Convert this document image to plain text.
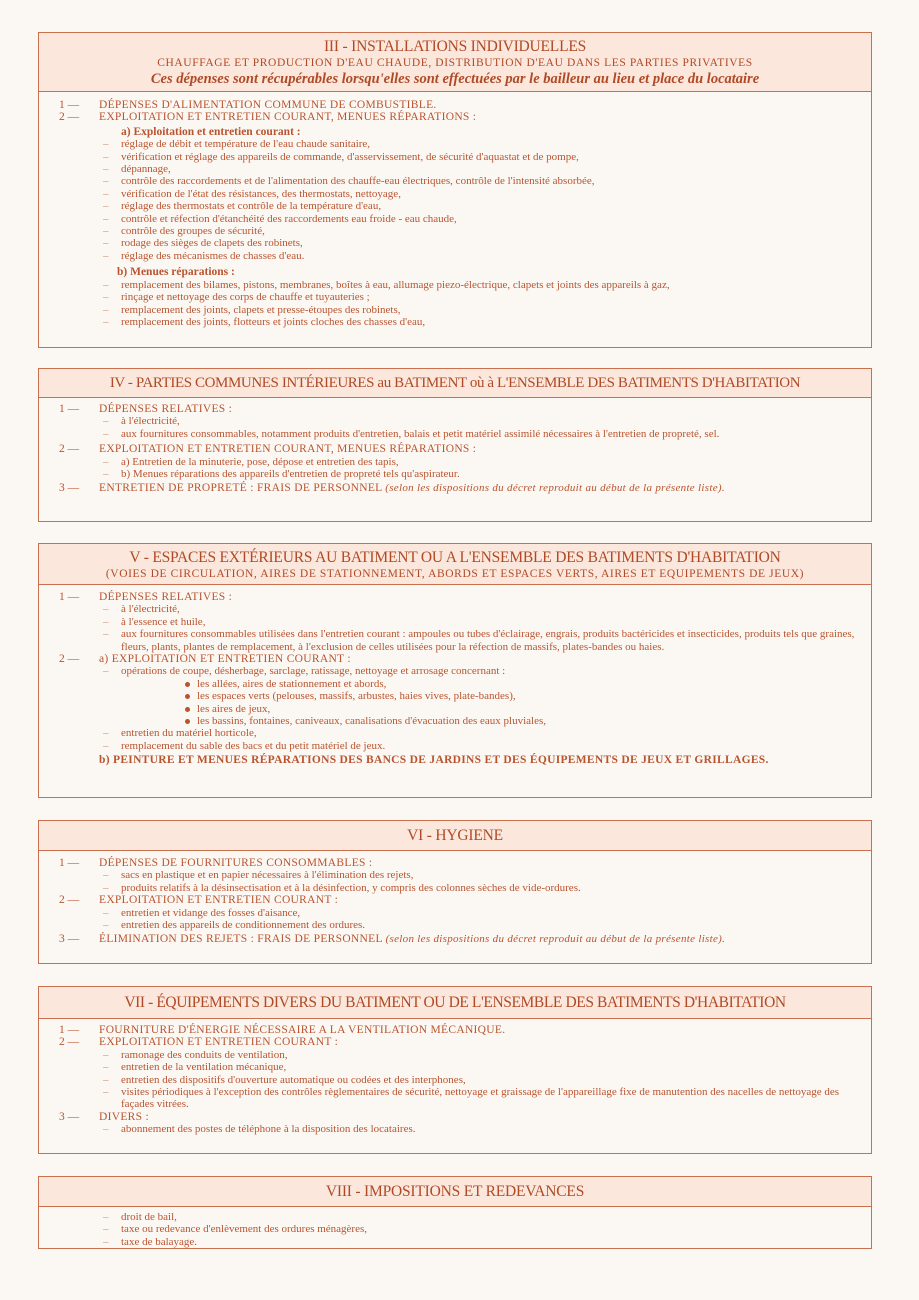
III - INSTALLATIONS INDIVIDUELLES
CHAUFFAGE ET PRODUCTION D'EAU CHAUDE, DISTRIBUTION D'EAU DANS LES PARTIES PRIVATIVES
Ces dépenses sont récupérables lorsqu'elles sont effectuées par le bailleur au lieu et place du locataire
1 —	DÉPENSES D'ALIMENTATION COMMUNE DE COMBUSTIBLE.
2 —	EXPLOITATION ET ENTRETIEN COURANT, MENUES RÉPARATIONS :
a) Exploitation et entretien courant :
–	réglage de débit et température de l'eau chaude sanitaire,
–	vérification et réglage des appareils de commande, d'asservissement, de sécurité d'aquastat et de pompe,
–	dépannage,
–	contrôle des raccordements et de l'alimentation des chauffe-eau électriques, contrôle de l'intensité absorbée,
–	vérification de l'état des résistances, des thermostats, nettoyage,
–	réglage des thermostats et contrôle de la température d'eau,
–	contrôle et réfection d'étanchéité des raccordements eau froide - eau chaude,
–	contrôle des groupes de sécurité,
–	rodage des sièges de clapets des robinets,
–	réglage des mécanismes de chasses d'eau.
b) Menues réparations :
–	remplacement des bilames, pistons, membranes, boîtes à eau, allumage piezo-électrique, clapets et joints des appareils à gaz,
–	rinçage et nettoyage des corps de chauffe et tuyauteries ;
–	remplacement des joints, clapets et presse-étoupes des robinets,
–	remplacement des joints, flotteurs et joints cloches des chasses d'eau,
IV - PARTIES COMMUNES INTÉRIEURES au BATIMENT où à L'ENSEMBLE DES BATIMENTS D'HABITATION
1 —	DÉPENSES RELATIVES :
–	à l'électricité,
–	aux fournitures consommables, notamment produits d'entretien, balais et petit matériel assimilé nécessaires à l'entretien de propreté, sel.
2 —	EXPLOITATION ET ENTRETIEN COURANT, MENUES RÉPARATIONS :
–	a) Entretien de la minuterie, pose, dépose et entretien des tapis,
–	b) Menues réparations des appareils d'entretien de propreté tels qu'aspirateur.
3 —	ENTRETIEN DE PROPRETÉ : FRAIS DE PERSONNEL (selon les dispositions du décret reproduit au début de la présente liste).
V - ESPACES EXTÉRIEURS AU BATIMENT OU A L'ENSEMBLE DES BATIMENTS D'HABITATION
(VOIES DE CIRCULATION, AIRES DE STATIONNEMENT, ABORDS ET ESPACES VERTS, AIRES ET EQUIPEMENTS DE JEUX)
1 —	DÉPENSES RELATIVES :
–	à l'électricité,
–	à l'essence et huile,
–	aux fournitures consommables utilisées dans l'entretien courant : ampoules ou tubes d'éclairage, engrais, produits bactéricides et insecticides, produits tels que graines, fleurs, plants, plantes de remplacement, à l'exclusion de celles utilisées pour la réfection de massifs, plates-bandes ou haies.
2 —	a) EXPLOITATION ET ENTRETIEN COURANT :
–	opérations de coupe, désherbage, sarclage, ratissage, nettoyage et arrosage concernant :
les allées, aires de stationnement et abords,
les espaces verts (pelouses, massifs, arbustes, haies vives, plate-bandes),
les aires de jeux,
les bassins, fontaines, caniveaux, canalisations d'évacuation des eaux pluviales,
–	entretien du matériel horticole,
–	remplacement du sable des bacs et du petit matériel de jeux.
b) PEINTURE ET MENUES RÉPARATIONS DES BANCS DE JARDINS ET DES ÉQUIPEMENTS DE JEUX ET GRILLAGES.
VI - HYGIENE
1 —	DÉPENSES DE FOURNITURES CONSOMMABLES :
–	sacs en plastique et en papier nécessaires à l'élimination des rejets,
–	produits relatifs à la désinsectisation et à la désinfection, y compris des colonnes sèches de vide-ordures.
2 —	EXPLOITATION ET ENTRETIEN COURANT :
–	entretien et vidange des fosses d'aisance,
–	entretien des appareils de conditionnement des ordures.
3 —	ÉLIMINATION DES REJETS : FRAIS DE PERSONNEL (selon les dispositions du décret reproduit au début de la présente liste).
VII - ÉQUIPEMENTS DIVERS DU BATIMENT OU DE L'ENSEMBLE DES BATIMENTS D'HABITATION
1 —	FOURNITURE D'ÉNERGIE NÉCESSAIRE A LA VENTILATION MÉCANIQUE.
2 —	EXPLOITATION ET ENTRETIEN COURANT :
–	ramonage des conduits de ventilation,
–	entretien de la ventilation mécanique,
–	entretien des dispositifs d'ouverture automatique ou codées et des interphones,
–	visites périodiques à l'exception des contrôles règlementaires de sécurité, nettoyage et graissage de l'appareillage fixe de manutention des nacelles de nettoyage des façades vitrées.
3 —	DIVERS :
–	abonnement des postes de téléphone à la disposition des locataires.
VIII - IMPOSITIONS ET REDEVANCES
–	droit de bail,
–	taxe ou redevance d'enlèvement des ordures ménagères,
–	taxe de balayage.
